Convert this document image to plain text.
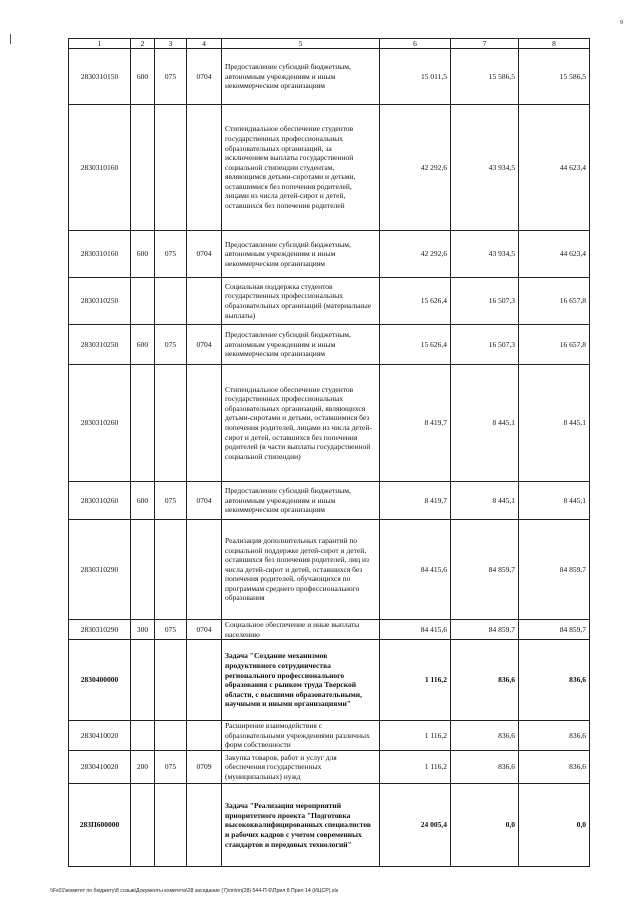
9
1	2	3	4	5	6	7	8
2830310150	600	075	0704	Предоставление субсидий бюджетным, автономным учреждениям и иным некоммерческим организациям	15 011,5	15 586,5	15 586,5
2830310160				Стипендиальное обеспечение студентов государственных профессиональных образовательных организаций, за исключением выплаты государственной социальной стипендии студентам, являющимся детьми-сиротами и детьми, оставшимися без попечения родителей, лицами из числа детей-сирот и детей, оставшихся без попечения родителей	42 292,6	43 934,5	44 623,4
2830310160	600	075	0704	Предоставление субсидий бюджетным, автономным учреждениям и иным некоммерческим организациям	42 292,6	43 934,5	44 623,4
2830310250				Социальная поддержка студентов государственных профессиональных образовательных организаций (материальные выплаты)	15 626,4	16 507,3	16 657,8
2830310250	600	075	0704	Предоставление субсидий бюджетным, автономным учреждениям и иным некоммерческим организациям	15 626,4	16 507,3	16 657,8
2830310260				Стипендиальное обеспечение студентов государственных профессиональных образовательных организаций, являющихся детьми-сиротами и детьми, оставшимися без попечения родителей, лицами из числа детей-сирот и детей, оставшихся без попечения родителей (в части выплаты государственной социальной стипендии)	8 419,7	8 445,1	8 445,1
2830310260	600	075	0704	Предоставление субсидий бюджетным, автономным учреждениям и иным некоммерческим организациям	8 419,7	8 445,1	8 445,1
2830310290				Реализация дополнительных гарантий по социальной поддержке детей-сирот и детей, оставшихся без попечения родителей, лиц из числа детей-сирот и детей, оставшихся без попечения родителей, обучающихся по программам среднего профессионального образования	84 415,6	84 859,7	84 859,7
2830310290	300	075	0704	Социальное обеспечение и иные выплаты населению	84 415,6	84 859,7	84 859,7
2830400000				Задача "Создание механизмов продуктивного сотрудничества регионального профессионального образования с рынком труда Тверской области, с высшими образовательными, научными и иными организациями"	1 116,2	836,6	836,6
2830410020				Расширение взаимодействия с образовательными учреждениями различных форм собственности	1 116,2	836,6	836,6
2830410020	200	075	0709	Закупка товаров, работ и услуг для обеспечения государственных (муниципальных) нужд	1 116,2	836,6	836,6
283П600000				Задача "Реализация мероприятий приоритетного проекта "Подготовка высококвалифицированных специалистов и рабочих кадров с учетом современных стандартов и передовых технологий"	24 005,4	0,0	0,0
\\Fs01\комитет по бюджету\8 созыв\Документы комитета\28 заседание (7)\пп\пп(28) 544-П-6\Прил 8 Прил 14 (ИЦСР).xls
